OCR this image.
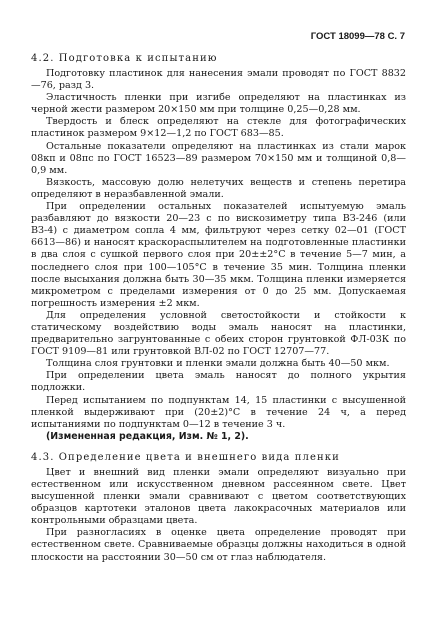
ГОСТ 18099—78 С. 7

4.2. Подготовка к испытанию

Подготовку пластинок для нанесения эмали проводят по ГОСТ 8832—76, разд 3.

Эластичность пленки при изгибе определяют на пластинках из черной жести размером 20×150 мм при толщине 0,25—0,28 мм.

Твердость и блеск определяют на стекле для фотографических пластинок размером 9×12—1,2 по ГОСТ 683—85.

Остальные показатели определяют на пластинках из стали марок 08кп и 08пс по ГОСТ 16523—89 размером 70×150 мм и толщиной 0,8—0,9 мм.

Вязкость, массовую долю нелетучих веществ и степень перетира определяют в неразбавленной эмали.

При определении остальных показателей испытуемую эмаль разбавляют до вязкости 20—23 с по вискозиметру типа ВЗ-246 (или ВЗ-4) с диаметром сопла 4 мм, фильтруют через сетку 02—01 (ГОСТ 6613—86) и наносят краскораспылителем на подготовленные пластинки в два слоя с сушкой первого слоя при 20±±2°С в течение 5—7 мин, а последнего слоя при 100—105°С в течение 35 мин. Толщина пленки после высыхания должна быть 30—35 мкм. Толщина пленки измеряется микрометром с пределами измерения от 0 до 25 мм. Допускаемая погрешность измерения ±2 мкм.

Для определения условной светостойкости и стойкости к статическому воздействию воды эмаль наносят на пластинки, предварительно загрунтованные с обеих сторон грунтовкой ФЛ-03К по ГОСТ 9109—81 или грунтовкой ВЛ-02 по ГОСТ 12707—77.

Толщина слоя грунтовки и пленки эмали должна быть 40—50 мкм.

При определении цвета эмаль наносят до полного укрытия подложки.

Перед испытанием по подпунктам 14, 15 пластинки с высушенной пленкой выдерживают при (20±2)°С в течение 24 ч, а перед испытаниями по подпунктам 0—12 в течение 3 ч.

(Измененная редакция, Изм. № 1, 2).

4.3. Определение цвета и внешнего вида пленки

Цвет и внешний вид пленки эмали определяют визуально при естественном или искусственном дневном рассеянном свете. Цвет высушенной пленки эмали сравнивают с цветом соответствующих образцов картотеки эталонов цвета лакокрасочных материалов или контрольными образцами цвета.

При разногласиях в оценке цвета определение проводят при естественном свете. Сравниваемые образцы должны находиться в одной плоскости на расстоянии 30—50 см от глаз наблюдателя.
